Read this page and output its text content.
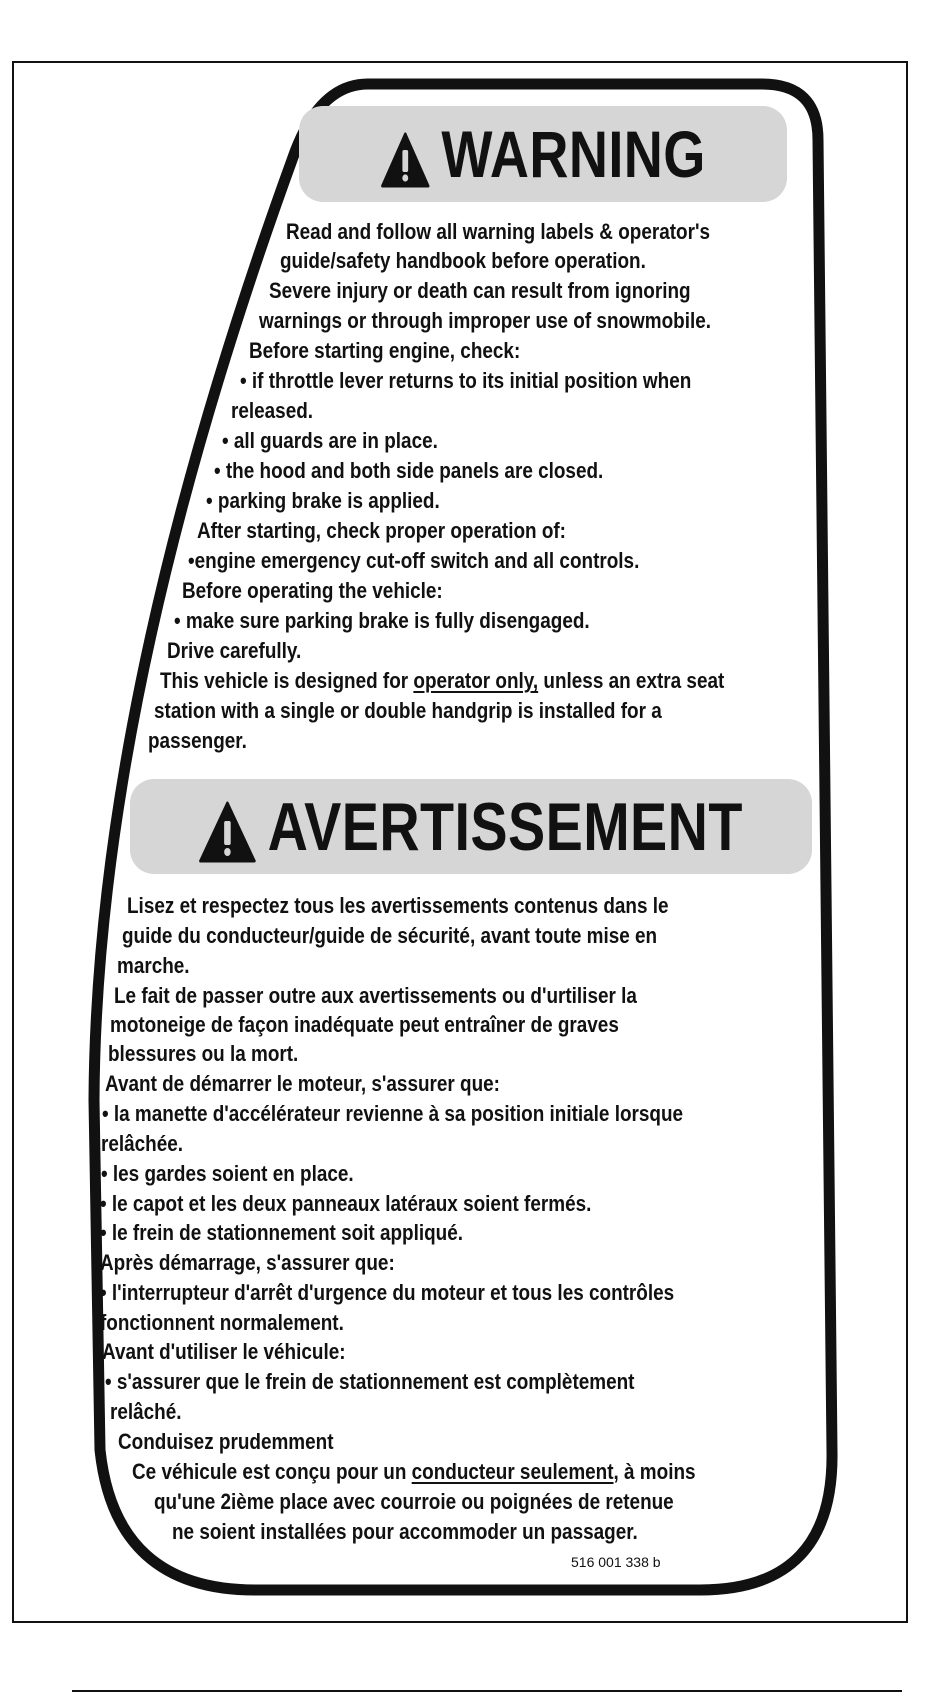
WARNING
Read and follow all warning labels & operator's
guide/safety handbook before operation.
Severe injury or death can result from ignoring
warnings or through improper use of snowmobile.
Before starting engine, check:
• if throttle lever returns to its initial position when
released.
• all guards are in place.
• the hood and both side panels are closed.
• parking brake is applied.
After starting, check proper operation of:
•engine emergency cut-off switch and all controls.
Before operating the vehicle:
• make sure parking brake is fully disengaged.
Drive carefully.
This vehicle is designed for operator only, unless an extra seat
station with a single or double handgrip is installed for a
passenger.
AVERTISSEMENT
Lisez et respectez tous les avertissements contenus dans le
guide du conducteur/guide de sécurité, avant toute mise en
marche.
Le fait de passer outre aux avertissements ou d'urtiliser la
motoneige de façon inadéquate peut entraîner de graves
blessures ou la mort.
Avant de démarrer le moteur, s'assurer que:
• la manette d'accélérateur revienne à sa position initiale lorsque
relâchée.
• les gardes soient en place.
• le capot et les deux panneaux latéraux soient fermés.
• le frein de stationnement soit appliqué.
Après démarrage, s'assurer que:
• l'interrupteur d'arrêt d'urgence du moteur et tous les contrôles
fonctionnent normalement.
Avant d'utiliser le véhicule:
• s'assurer que le frein de stationnement est complètement
relâché.
Conduisez prudemment
Ce véhicule est conçu pour un conducteur seulement, à moins
qu'une 2ième place avec courroie ou poignées de retenue
ne soient installées pour accommoder un passager.
516 001 338 b
